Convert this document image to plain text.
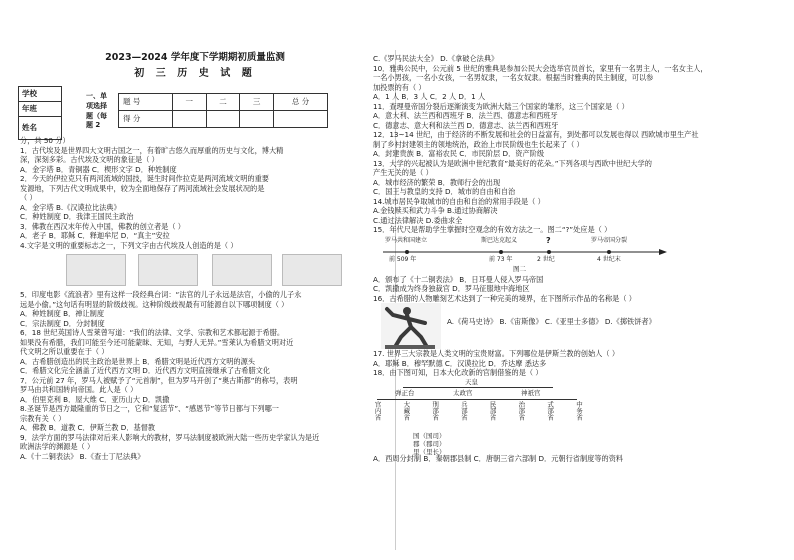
2023—2024 学年度下学期期初质量监测
初 三 历 史 试 题
学校
年班
姓名
一、单
项选择
题（每
题 2
题 号	一	二	三	总 分
得 分				
分，共 50 分）
1．古代埃及是世界四大文明古国之一，有着旷古悠久而厚重的历史与文化，博大精
深，深刻多彩。古代埃及文明的象征是（ ）
A．金字塔 B．青铜器 C．楔形文字 D．种姓制度
2．今天的伊拉克只有两河流域的国技，诞生时间作拉克是两河流域文明的重要
发源地，下列古代文明成果中，较为全面地保存了两河流域社会发展状况的是
（ ）
A．金字塔 B.《汉谟拉比法典》
C．种姓制度 D．我津王国民主政治
3．佛教在西汉末年传入中国，佛教的创立者是（ ）
A．老子 B．耶稣 C．释迦牟尼 D．“真主”安拉
4.文字是文明的重要标志之一，下列文字由古代埃及人创造的是（ ）
5．印度电影《流浪者》里有这样一段经典台词：“法官的儿子永远是法官，小偷的儿子永
远是小偷。”这句话有明显的阶级歧视。这种阶级歧视最有可能源自以下哪项制度（ ）
A．种姓制度 B．禅让制度
C．宗法制度 D．分封制度
6．18 世纪英国诗人雪莱曾写道：“我们的法律、文学、宗教和艺术都起源于希腊。
如果没有希腊，我们可能至今还可能蒙昧、无知，与野人无异。”雪莱认为希腊文明对近
代文明之所以重要在于（ ）
A．古希腊创造出的民主政治是世界上 B．希腊文明是近代西方文明的源头
C．希腊文化完全涵盖了近代西方文明 D．近代西方文明直接继承了古希腊文化
7．公元前 27 年，罗马人被赋予了“元首制”，但为罗马开创了“奥古斯都”的称号，表明
罗马由共和国转向帝国。此人是（ ）
A．伯里克利 B．屋大维 C．亚历山大 D．凯撒
8.圣诞节是西方最隆重的节日之一，它和“复活节”、“感恩节”等节日都与下列哪一
宗教有关（ ）
A．佛教 B．道教 C．伊斯兰教 D．基督教
9．法学方面的罗马法律对后来人影响大的教材，罗马法制度被欧洲大陆一些历史学家认为是近
欧洲法学的渊源是（ ）
A.《十二铜表法》 B.《查士丁尼法典》
C.《罗马民法大全》 D.《拿破仑法典》
10．雅典公民中，公元前 5 世纪的雅典是参加公民大会选举官员首长，家里有一名男主人，一名女主人，
一名小男孩，一名小女孩，一名男奴隶，一名女奴隶。根据当时雅典的民主制度，可以参
加投票的有（ ）
A．1 人 B．3 人 C．2 人 D．1 人
11．查理曼帝国分裂后逐渐演变为欧洲大陆三个国家的雏形，这三个国家是（ ）
A．意大利、法兰西和西班牙 B．法兰西、德意志和西班牙
C．德意志、意大利和法兰西 D．德意志、法兰西和西班牙
12．13~14 世纪，由于经济的不断发展和社会的日益富有，到处都可以发展也得以 西欧城市里生产社
制了乡村封建领主的领地统治，政治上市民阶级也生长起来了（ ）
A．封建贵族 B．富裕农民 C．市民阶层 D．资产阶级
13．大学的兴起被认为是欧洲中世纪教育”最美好的花朵。”下列各项与西欧中世纪大学的
产生无关的是（ ）
A．城市经济的繁荣 B．教师行会的出现
C．国王与教皇的支持 D．城市的自由和自治
14.城市居民争取城市的自由和自治的常用手段是（ ）
A.金钱赎买和武力斗争 B.通过协商解决
C.通过法律解决 D.委曲求全
15．年代尺是帮助学生掌握时空观念的有效方法之一。图二“?”处应是（ ）
罗马共和国建立	斯巴达克起义	?	罗马帝国分裂
前 509 年	前 73 年	2 世纪	4 世纪末
图二
A．颁布了《十二铜表法》 B．日耳曼人侵入罗马帝国
C．凯撒成为终身独裁官 D．罗马征服地中海地区
16．古希腊的人物雕刻艺术达到了一种完美的境界，在下图所示作品的名称是（ ）
A.《荷马史诗》 B.《宙斯像》 C.《亚里士多德》 D.《掷铁饼者》
17. 世界三大宗教是人类文明的宝贵财富。下列哪位是伊斯兰教的创始人（ ）
A．耶稣 B．穆罕默德 C．汉谟拉比 D．乔达摩 悉达多
18．由下图可知，日本大化改新的官制借鉴的是（ ）
天皇
弹正台	太政官	神祇官
宫内省	大藏省	刑部省	兵部省	民部省	治部省	式部省	中务省
国（国司）
郡（郡司）
里（里长）
A．西周分封制 B．秦朝郡县制 C．唐朝三省六部制 D．元朝行省制度等的资料
